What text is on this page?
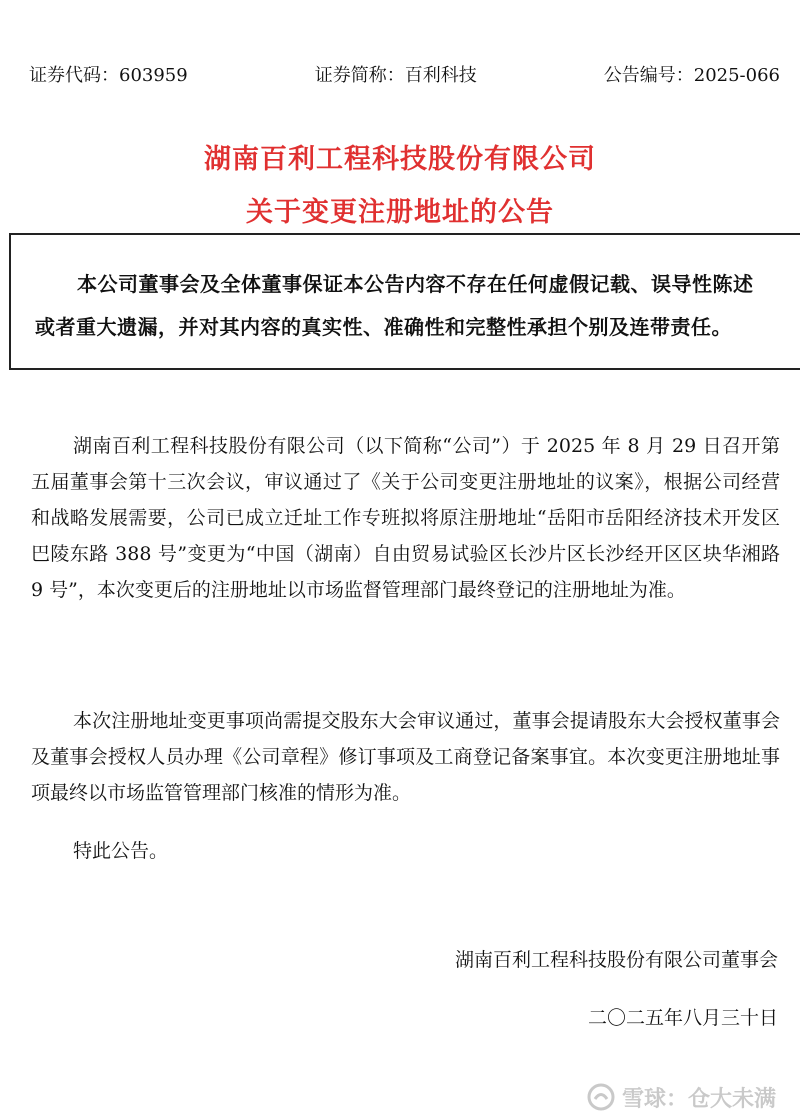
证券代码：603959	证券简称：百利科技	公告编号：2025-066
湖南百利工程科技股份有限公司
关于变更注册地址的公告
本公司董事会及全体董事保证本公告内容不存在任何虚假记载、误导性陈述
或者重大遗漏，并对其内容的真实性、准确性和完整性承担个别及连带责任。

湖南百利工程科技股份有限公司（以下简称“公司”）于 2025 年 8 月 29 日召开第五届董事会第十三次会议，审议通过了《关于公司变更注册地址的议案》，根据公司经营和战略发展需要，公司已成立迁址工作专班拟将原注册地址“岳阳市岳阳经济技术开发区巴陵东路 388 号”变更为“中国（湖南）自由贸易试验区长沙片区长沙经开区区块华湘路 9 号”，本次变更后的注册地址以市场监督管理部门最终登记的注册地址为准。

本次注册地址变更事项尚需提交股东大会审议通过，董事会提请股东大会授权董事会及董事会授权人员办理《公司章程》修订事项及工商登记备案事宜。本次变更注册地址事项最终以市场监管管理部门核准的情形为准。

特此公告。

湖南百利工程科技股份有限公司董事会
二〇二五年八月三十日
雪球：仓大未满
